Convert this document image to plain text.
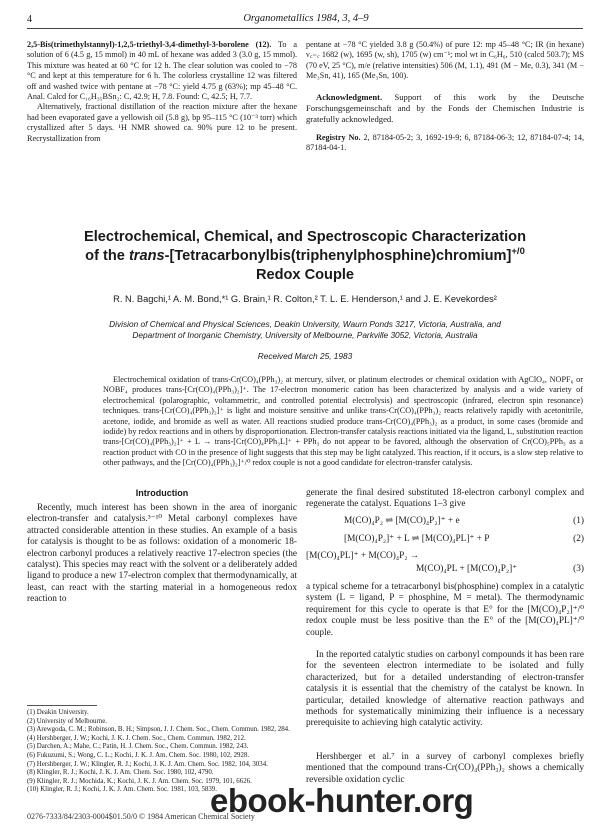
4	Organometallics 1984, 3, 4–9

2,5-Bis(trimethylstannyl)-1,2,5-triethyl-3,4-dimethyl-3-borolene (12). To a solution of 6 (4.5 g, 15 mmol) in 40 mL of hexane was added 3 (3.0 g, 15 mmol). This mixture was heated at 60 °C for 12 h. The clear solution was cooled to −78 °C and kept at this temperature for 6 h. The colorless crystalline 12 was filtered off and washed twice with pentane at −78 °C: yield 4.75 g (63%); mp 45–48 °C. Anal. Calcd for C₁₆H₃₅BSn₂: C, 42.9; H, 7.8. Found: C, 42.5; H, 7.7.

Alternatively, fractional distillation of the reaction mixture after the hexane had been evaporated gave a yellowish oil (5.8 g), bp 95–115 °C (10⁻³ torr) which crystallized after 5 days. ¹H NMR showed ca. 90% pure 12 to be present. Recrystallization from

pentane at −78 °C yielded 3.8 g (50.4%) of pure 12: mp 45–48 °C; IR (in hexane) ν꜀₌꜀ 1682 (w), 1695 (w, sh), 1705 (w) cm⁻¹; mol wt in C₆H₆, 510 (calcd 503.7); MS (70 eV, 25 °C), m/e (relative intensities) 506 (M, 1.1), 491 (M − Me, 0.3), 341 (M − Me₃Sn, 41), 165 (Me₃Sn, 100).

Acknowledgment. Support of this work by the Deutsche Forschungsgemeinschaft and by the Fonds der Chemischen Industrie is gratefully acknowledged.

Registry No. 2, 87184-05-2; 3, 1692-19-9; 6, 87184-06-3; 12, 87184-07-4; 14, 87184-04-1.

Electrochemical, Chemical, and Spectroscopic Characterization
of the trans-[Tetracarbonylbis(triphenylphosphine)chromium]$^{+/0}$
Redox Couple
R. N. Bagchi,¹ A. M. Bond,*¹ G. Brain,¹ R. Colton,² T. L. E. Henderson,¹ and J. E. Kevekordes²
Division of Chemical and Physical Sciences, Deakin University, Waurn Ponds 3217, Victoria, Australia, and
Department of Inorganic Chemistry, University of Melbourne, Parkville 3052, Victoria, Australia
Received March 25, 1983
Electrochemical oxidation of trans-Cr(CO)₄(PPh₃)₂ at mercury, silver, or platinum electrodes or chemical oxidation with AgClO₄, NOPF₆ or NOBF₄ produces trans-[Cr(CO)₄(PPh₃)₂]⁺. The 17-electron monomeric cation has been characterized by analysis and a wide variety of electrochemical (polarographic, voltammetric, and controlled potential electrolysis) and spectroscopic (infrared, electron spin resonance) techniques. trans-[Cr(CO)₄(PPh₃)₂]⁺ is light and moisture sensitive and unlike trans-Cr(CO)₄(PPh₃)₂ reacts relatively rapidly with acetonitrile, acetone, iodide, and bromide as well as water. All reactions studied produce trans-Cr(CO)₄(PPh₃)₂ as a product, in some cases (bromide and iodide) by redox reactions and in others by disproportionation. Electron-transfer catalysis reactions initiated via the ligand, L, substitution reaction trans-[Cr(CO)₄(PPh₃)₂]⁺ + L → trans-[Cr(CO)₄PPh₃L]⁺ + PPh₃ do not appear to be favored, although the observation of Cr(CO)₅PPh₃ as a reaction product with CO in the presence of light suggests that this step may be light catalyzed. This reaction, if it occurs, is a slow step relative to other pathways, and the [Cr(CO)₄(PPh₃)₂]⁺/⁰ redox couple is not a good candidate for electron-transfer catalysis.
Introduction
Recently, much interest has been shown in the area of inorganic electron-transfer and catalysis.³⁻¹⁰ Metal carbonyl complexes have attracted considerable attention in these studies. An example of a basis for catalysis is thought to be as follows: oxidation of a monomeric 18-electron carbonyl produces a relatively reactive 17-electron species (the catalyst). This species may react with the solvent or a deliberately added ligand to produce a new 17-electron complex that thermodynamically, at least, can react with the starting material in a homogeneous redox reaction to
(1) Deakin University.
(2) University of Melbourne.
(3) Arewgoda, C. M.; Robinson, B. H.; Simpson, J. J. Chem. Soc., Chem. Commun. 1982, 284.
(4) Hershberger, J. W.; Kochi, J. K. J. Chem. Soc., Chem. Commun. 1982, 212.
(5) Darchen, A.; Mahe, C.; Patin, H. J. Chem. Soc., Chem. Commun. 1982, 243.
(6) Fukuzumi, S.; Wong, C. L.; Kochi, J. K. J. Am. Chem. Soc. 1980, 102, 2928.
(7) Hershberger, J. W.; Klingler, R. J.; Kochi, J. K. J. Am. Chem. Soc. 1982, 104, 3034.
(8) Klingler, R. J.; Kochi, J. K. J. Am. Chem. Soc. 1980, 102, 4790.
(9) Klingler, R. J.; Mochida, K.; Kochi, J. K. J. Am. Chem. Soc. 1979, 101, 6626.
(10) Klingler, R. J.; Kochi, J. K. J. Am. Chem. Soc. 1981, 103, 5839.
generate the final desired substituted 18-electron carbonyl complex and regenerate the catalyst. Equations 1–3 give
M(CO)₄P₂ ⇌ [M(CO)₄P₂]⁺ + e	(1)
[M(CO)₄P₂]⁺ + L ⇌ [M(CO)₄PL]⁺ + P	(2)
[M(CO)₄PL]⁺ + M(CO)₄P₂ →
M(CO)₄PL + [M(CO)₄P₂]⁺	(3)
a typical scheme for a tetracarbonyl bis(phosphine) complex in a catalytic system (L = ligand, P = phosphine, M = metal). The thermodynamic requirement for this cycle to operate is that E° for the [M(CO)₄P₂]⁺/⁰ redox couple must be less positive than the E° of the [M(CO)₄PL]⁺/⁰ couple.
In the reported catalytic studies on carbonyl compounds it has been rare for the seventeen electron intermediate to be isolated and fully characterized, but for a detailed understanding of electron-transfer catalysis it is essential that the chemistry of the catalyst be known. In particular, detailed knowledge of alternative reaction pathways and methods for systematically minimizing their influence is a necessary prerequisite to achieving high catalytic activity.
Hershberger et al.⁷ in a survey of carbonyl complexes briefly mentioned that the compound trans-Cr(CO)₄(PPh₃)₂ shows a chemically reversible oxidation cyclic
0276-7333/84/2303-0004$01.50/0 © 1984 American Chemical Society
ebook-hunter.org
